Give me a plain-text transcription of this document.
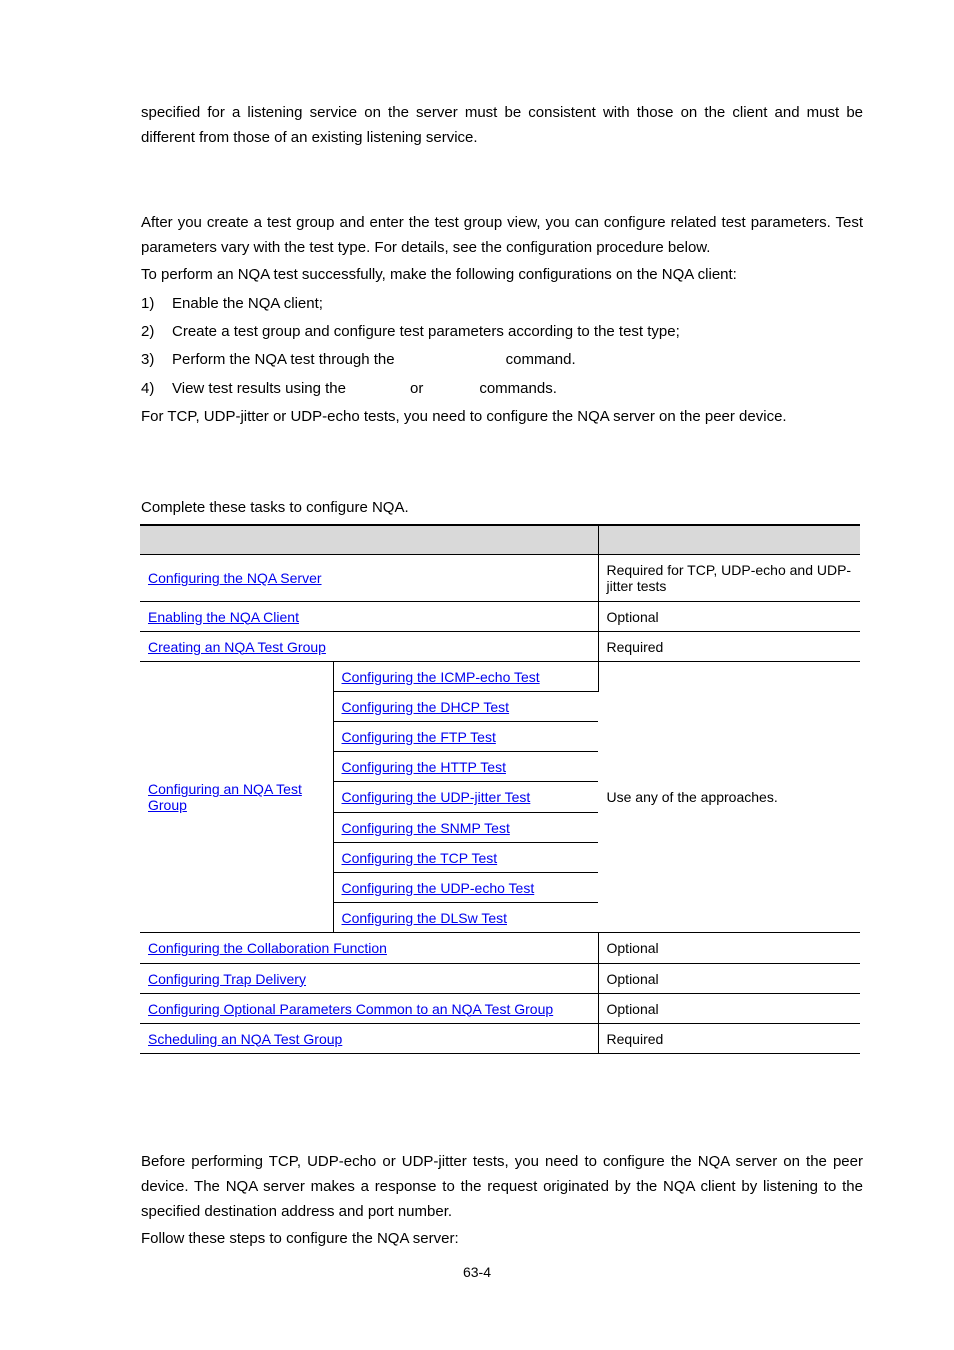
specified for a listening service on the server must be consistent with those on the client and must be different from those of an existing listening service.

After you create a test group and enter the test group view, you can configure related test parameters. Test parameters vary with the test type. For details, see the configuration procedure below.

To perform an NQA test successfully, make the following configurations on the NQA client:

1)	Enable the NQA client;
2)	Create a test group and configure test parameters according to the test type;
3)	Perform the NQA test through the	command.
4)	View test results using the	or	commands.

For TCP, UDP-jitter or UDP-echo tests, you need to configure the NQA server on the peer device.

Complete these tasks to configure NQA.

Configuring the NQA Server		Required for TCP, UDP-echo and UDP-jitter tests
Enabling the NQA Client		Optional
Creating an NQA Test Group		Required
Configuring an NQA Test Group	Configuring the ICMP-echo Test	Use any of the approaches.
	Configuring the DHCP Test	
	Configuring the FTP Test	
	Configuring the HTTP Test	
	Configuring the UDP-jitter Test	
	Configuring the SNMP Test	
	Configuring the TCP Test	
	Configuring the UDP-echo Test	
	Configuring the DLSw Test	
Configuring the Collaboration Function		Optional
Configuring Trap Delivery		Optional
Configuring Optional Parameters Common to an NQA Test Group		Optional
Scheduling an NQA Test Group		Required

Before performing TCP, UDP-echo or UDP-jitter tests, you need to configure the NQA server on the peer device. The NQA server makes a response to the request originated by the NQA client by listening to the specified destination address and port number.

Follow these steps to configure the NQA server:

63-4
